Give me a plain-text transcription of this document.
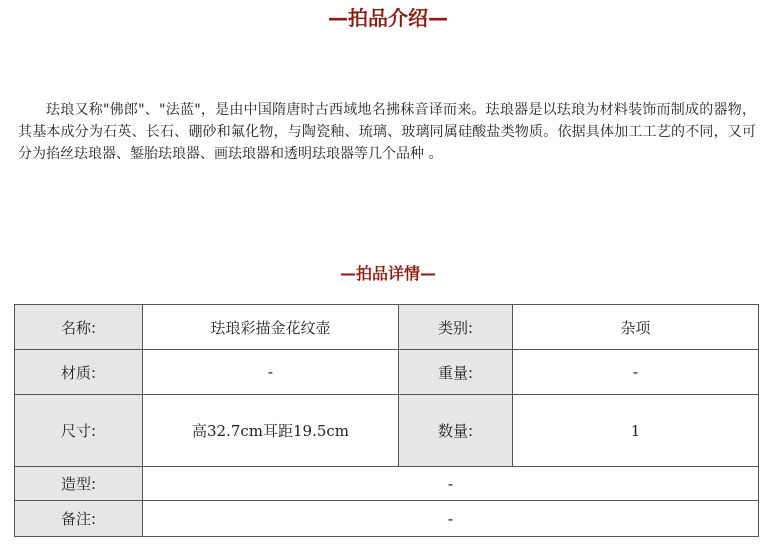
—拍品介绍—

珐琅又称"佛郎"、"法蓝"，是由中国隋唐时古西域地名拂秣音译而来。珐琅器是以珐琅为材料装饰而制成的器物，其基本成分为石英、长石、硼砂和氟化物，与陶瓷釉、琉璃、玻璃同属硅酸盐类物质。依据具体加工工艺的不同，又可分为掐丝珐琅器、錾胎珐琅器、画珐琅器和透明珐琅器等几个品种 。

—拍品详情—
名称:	珐琅彩描金花纹壶	类别:	杂项
材质:	-	重量:	-
尺寸:	高32.7cm耳距19.5cm	数量:	1
造型:	-		
备注:	-		
